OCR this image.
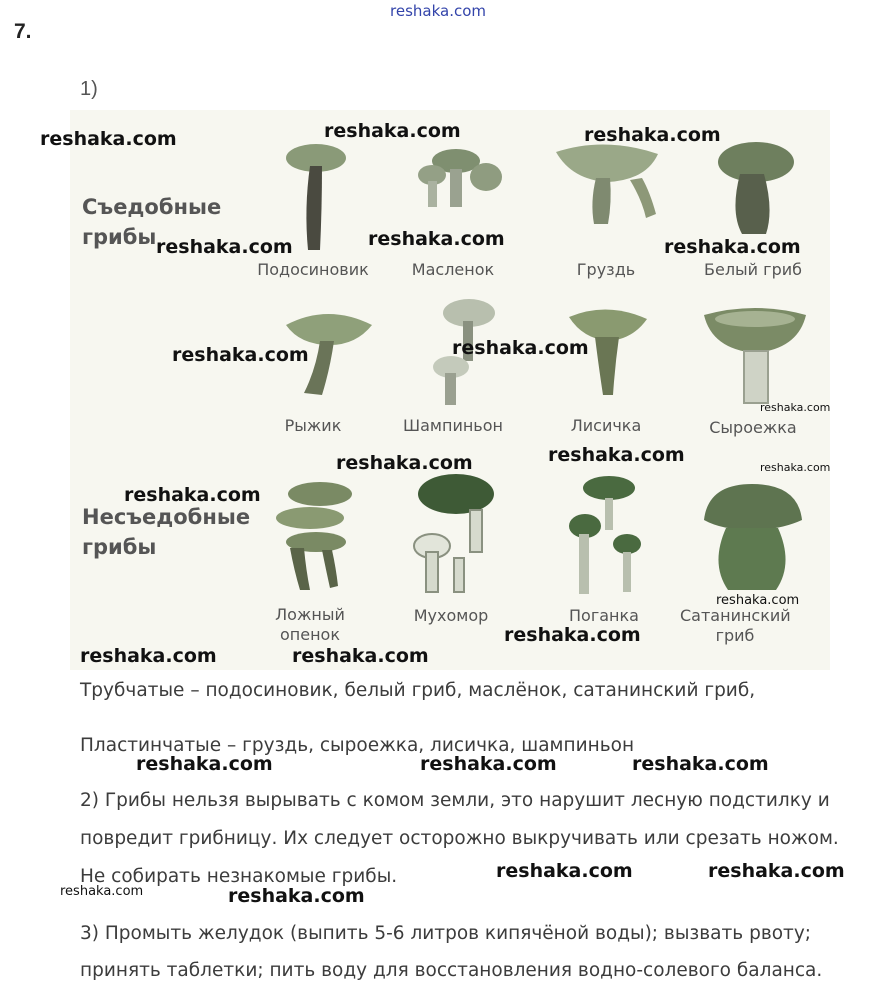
reshaka.com
7.
1)
Съедобные
грибы
Несъедобные
грибы
Подосиновик	Масленок	Груздь	Белый гриб
Рыжик	Шампиньон	Лисичка	Сыроежка
Ложный
опенок
Мухомор	Поганка	Сатанинский
гриб
Трубчатые – подосиновик, белый гриб, маслёнок, сатанинский гриб,
Пластинчатые – груздь, сыроежка, лисичка, шампиньон
2) Грибы нельзя вырывать с комом земли, это нарушит лесную подстилку и
повредит грибницу. Их следует осторожно выкручивать или срезать ножом.
Не собирать незнакомые грибы.
3) Промыть желудок (выпить 5-6 литров кипячёной воды); вызвать рвоту;
принять таблетки; пить воду для восстановления водно-солевого баланса.
reshaka.com	reshaka.com	reshaka.com
reshaka.com	reshaka.com	reshaka.com
reshaka.com	reshaka.com
reshaka.com
reshaka.com	reshaka.com
reshaka.com
reshaka.com
reshaka.com
reshaka.com
reshaka.com	reshaka.com
reshaka.com	reshaka.com	reshaka.com
reshaka.com	reshaka.com
reshaka.com	reshaka.com
